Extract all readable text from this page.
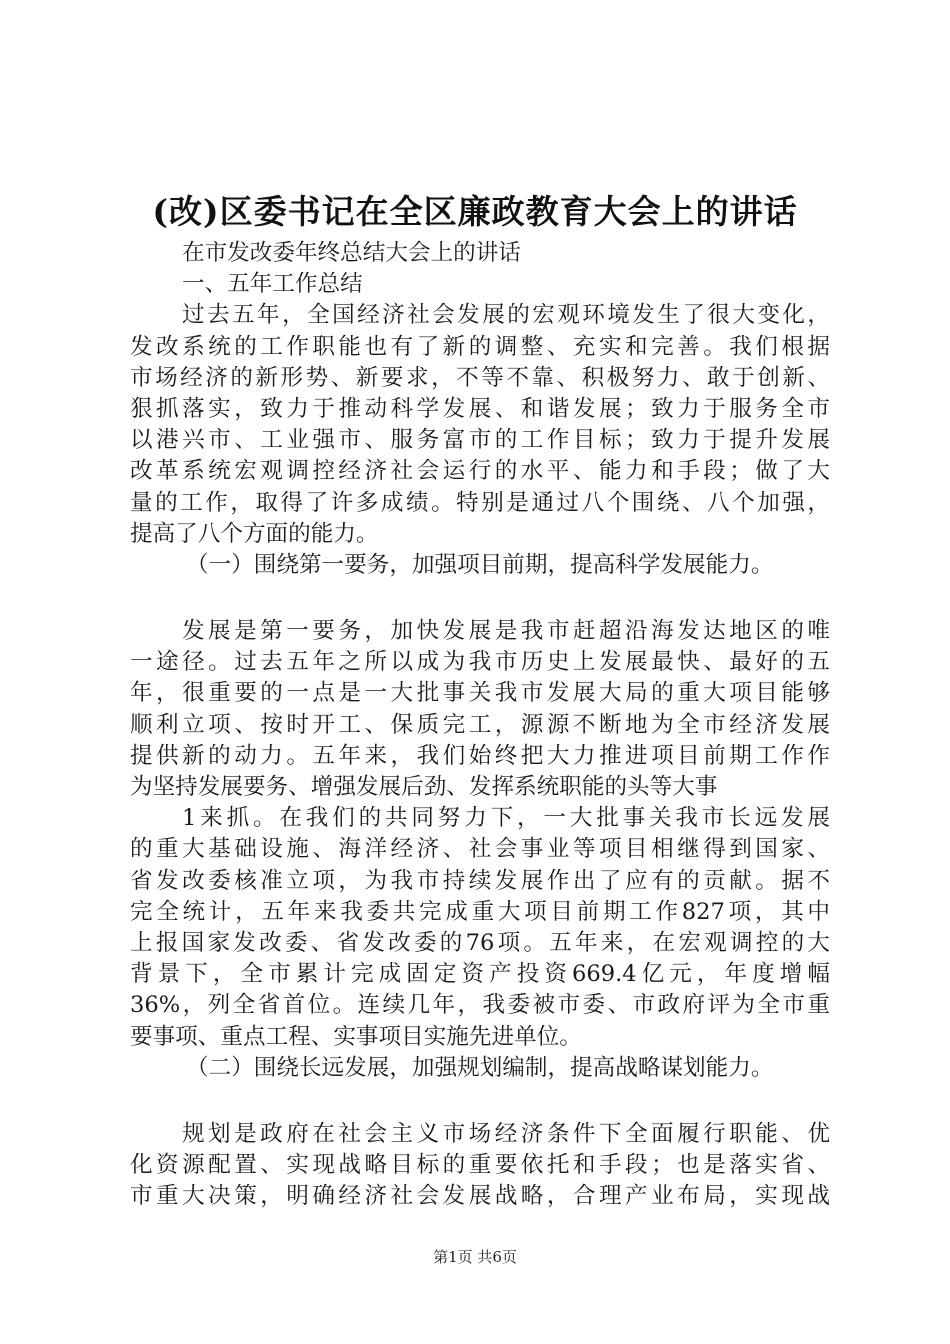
(改)区委书记在全区廉政教育大会上的讲话
在市发改委年终总结大会上的讲话
一、五年工作总结
过去五年，全国经济社会发展的宏观环境发生了很大变化，
发改系统的工作职能也有了新的调整、充实和完善。我们根据
市场经济的新形势、新要求，不等不靠、积极努力、敢于创新、
狠抓落实，致力于推动科学发展、和谐发展；致力于服务全市
以港兴市、工业强市、服务富市的工作目标；致力于提升发展
改革系统宏观调控经济社会运行的水平、能力和手段；做了大
量的工作，取得了许多成绩。特别是通过八个围绕、八个加强，
提高了八个方面的能力。
（一）围绕第一要务，加强项目前期，提高科学发展能力。
发展是第一要务，加快发展是我市赶超沿海发达地区的唯
一途径。过去五年之所以成为我市历史上发展最快、最好的五
年，很重要的一点是一大批事关我市发展大局的重大项目能够
顺利立项、按时开工、保质完工，源源不断地为全市经济发展
提供新的动力。五年来，我们始终把大力推进项目前期工作作
为坚持发展要务、增强发展后劲、发挥系统职能的头等大事
1来抓。在我们的共同努力下，一大批事关我市长远发展
的重大基础设施、海洋经济、社会事业等项目相继得到国家、
省发改委核准立项，为我市持续发展作出了应有的贡献。据不
完全统计，五年来我委共完成重大项目前期工作827项，其中
上报国家发改委、省发改委的76项。五年来，在宏观调控的大
背景下，全市累计完成固定资产投资669.4亿元，年度增幅
36%，列全省首位。连续几年，我委被市委、市政府评为全市重
要事项、重点工程、实事项目实施先进单位。
（二）围绕长远发展，加强规划编制，提高战略谋划能力。
规划是政府在社会主义市场经济条件下全面履行职能、优
化资源配置、实现战略目标的重要依托和手段；也是落实省、
市重大决策，明确经济社会发展战略，合理产业布局，实现战
第1页 共6页
